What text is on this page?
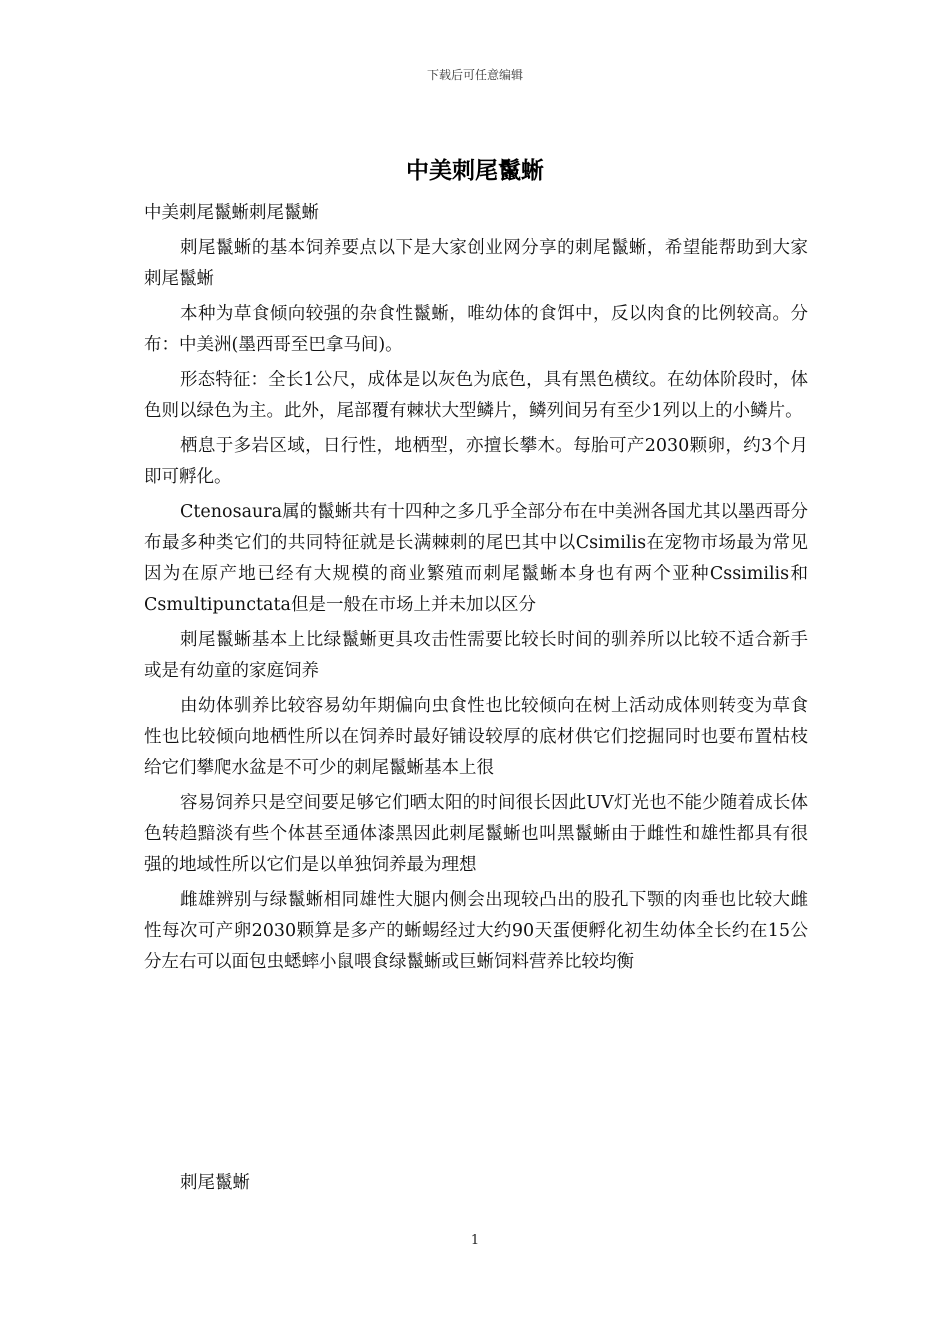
下载后可任意编辑
中美刺尾鬣蜥

中美刺尾鬣蜥刺尾鬣蜥

刺尾鬣蜥的基本饲养要点以下是大家创业网分享的刺尾鬣蜥，希望能帮助到大家刺尾鬣蜥

本种为草食倾向较强的杂食性鬣蜥，唯幼体的食饵中，反以肉食的比例较高。分布：中美洲(墨西哥至巴拿马间)。

形态特征：全长1公尺，成体是以灰色为底色，具有黑色横纹。在幼体阶段时，体色则以绿色为主。此外，尾部覆有棘状大型鳞片，鳞列间另有至少1列以上的小鳞片。

栖息于多岩区域，日行性，地栖型，亦擅长攀木。每胎可产2030颗卵，约3个月即可孵化。

Ctenosaura属的鬣蜥共有十四种之多几乎全部分布在中美洲各国尤其以墨西哥分布最多种类它们的共同特征就是长满棘刺的尾巴其中以Csimilis在宠物市场最为常见因为在原产地已经有大规模的商业繁殖而刺尾鬣蜥本身也有两个亚种Cssimilis和Csmultipunctata但是一般在市场上并未加以区分

刺尾鬣蜥基本上比绿鬣蜥更具攻击性需要比较长时间的驯养所以比较不适合新手或是有幼童的家庭饲养

由幼体驯养比较容易幼年期偏向虫食性也比较倾向在树上活动成体则转变为草食性也比较倾向地栖性所以在饲养时最好铺设较厚的底材供它们挖掘同时也要布置枯枝给它们攀爬水盆是不可少的刺尾鬣蜥基本上很

容易饲养只是空间要足够它们晒太阳的时间很长因此UV灯光也不能少随着成长体色转趋黯淡有些个体甚至通体漆黑因此刺尾鬣蜥也叫黑鬣蜥由于雌性和雄性都具有很强的地域性所以它们是以单独饲养最为理想

雌雄辨别与绿鬣蜥相同雄性大腿内侧会出现较凸出的股孔下颚的肉垂也比较大雌性每次可产卵2030颗算是多产的蜥蜴经过大约90天蛋便孵化初生幼体全长约在15公分左右可以面包虫蟋蟀小鼠喂食绿鬣蜥或巨蜥饲料营养比较均衡

刺尾鬣蜥
1
